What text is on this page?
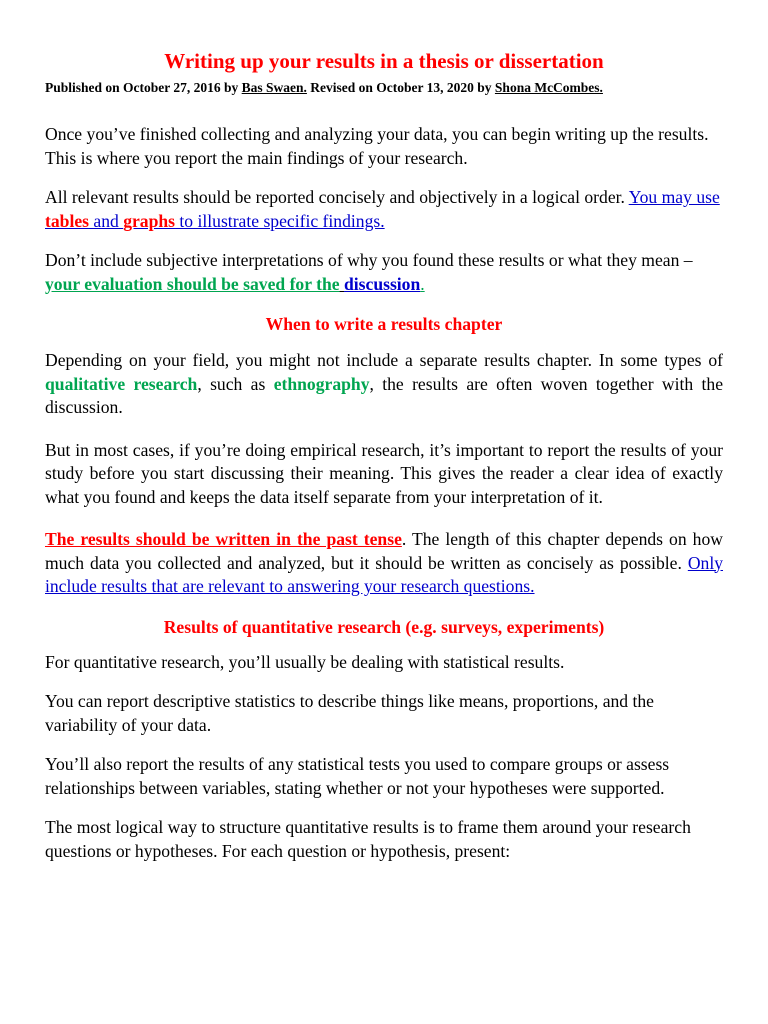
Writing up your results in a thesis or dissertation

Published on October 27, 2016 by Bas Swaen. Revised on October 13, 2020 by Shona McCombes.

Once you’ve finished collecting and analyzing your data, you can begin writing up the results. This is where you report the main findings of your research.

All relevant results should be reported concisely and objectively in a logical order. You may use tables and graphs to illustrate specific findings.

Don’t include subjective interpretations of why you found these results or what they mean – your evaluation should be saved for the discussion.

When to write a results chapter

Depending on your field, you might not include a separate results chapter. In some types of qualitative research, such as ethnography, the results are often woven together with the discussion.

But in most cases, if you’re doing empirical research, it’s important to report the results of your study before you start discussing their meaning. This gives the reader a clear idea of exactly what you found and keeps the data itself separate from your interpretation of it.

The results should be written in the past tense. The length of this chapter depends on how much data you collected and analyzed, but it should be written as concisely as possible. Only include results that are relevant to answering your research questions.

Results of quantitative research (e.g. surveys, experiments)

For quantitative research, you’ll usually be dealing with statistical results.

You can report descriptive statistics to describe things like means, proportions, and the variability of your data.

You’ll also report the results of any statistical tests you used to compare groups or assess relationships between variables, stating whether or not your hypotheses were supported.

The most logical way to structure quantitative results is to frame them around your research questions or hypotheses. For each question or hypothesis, present:
